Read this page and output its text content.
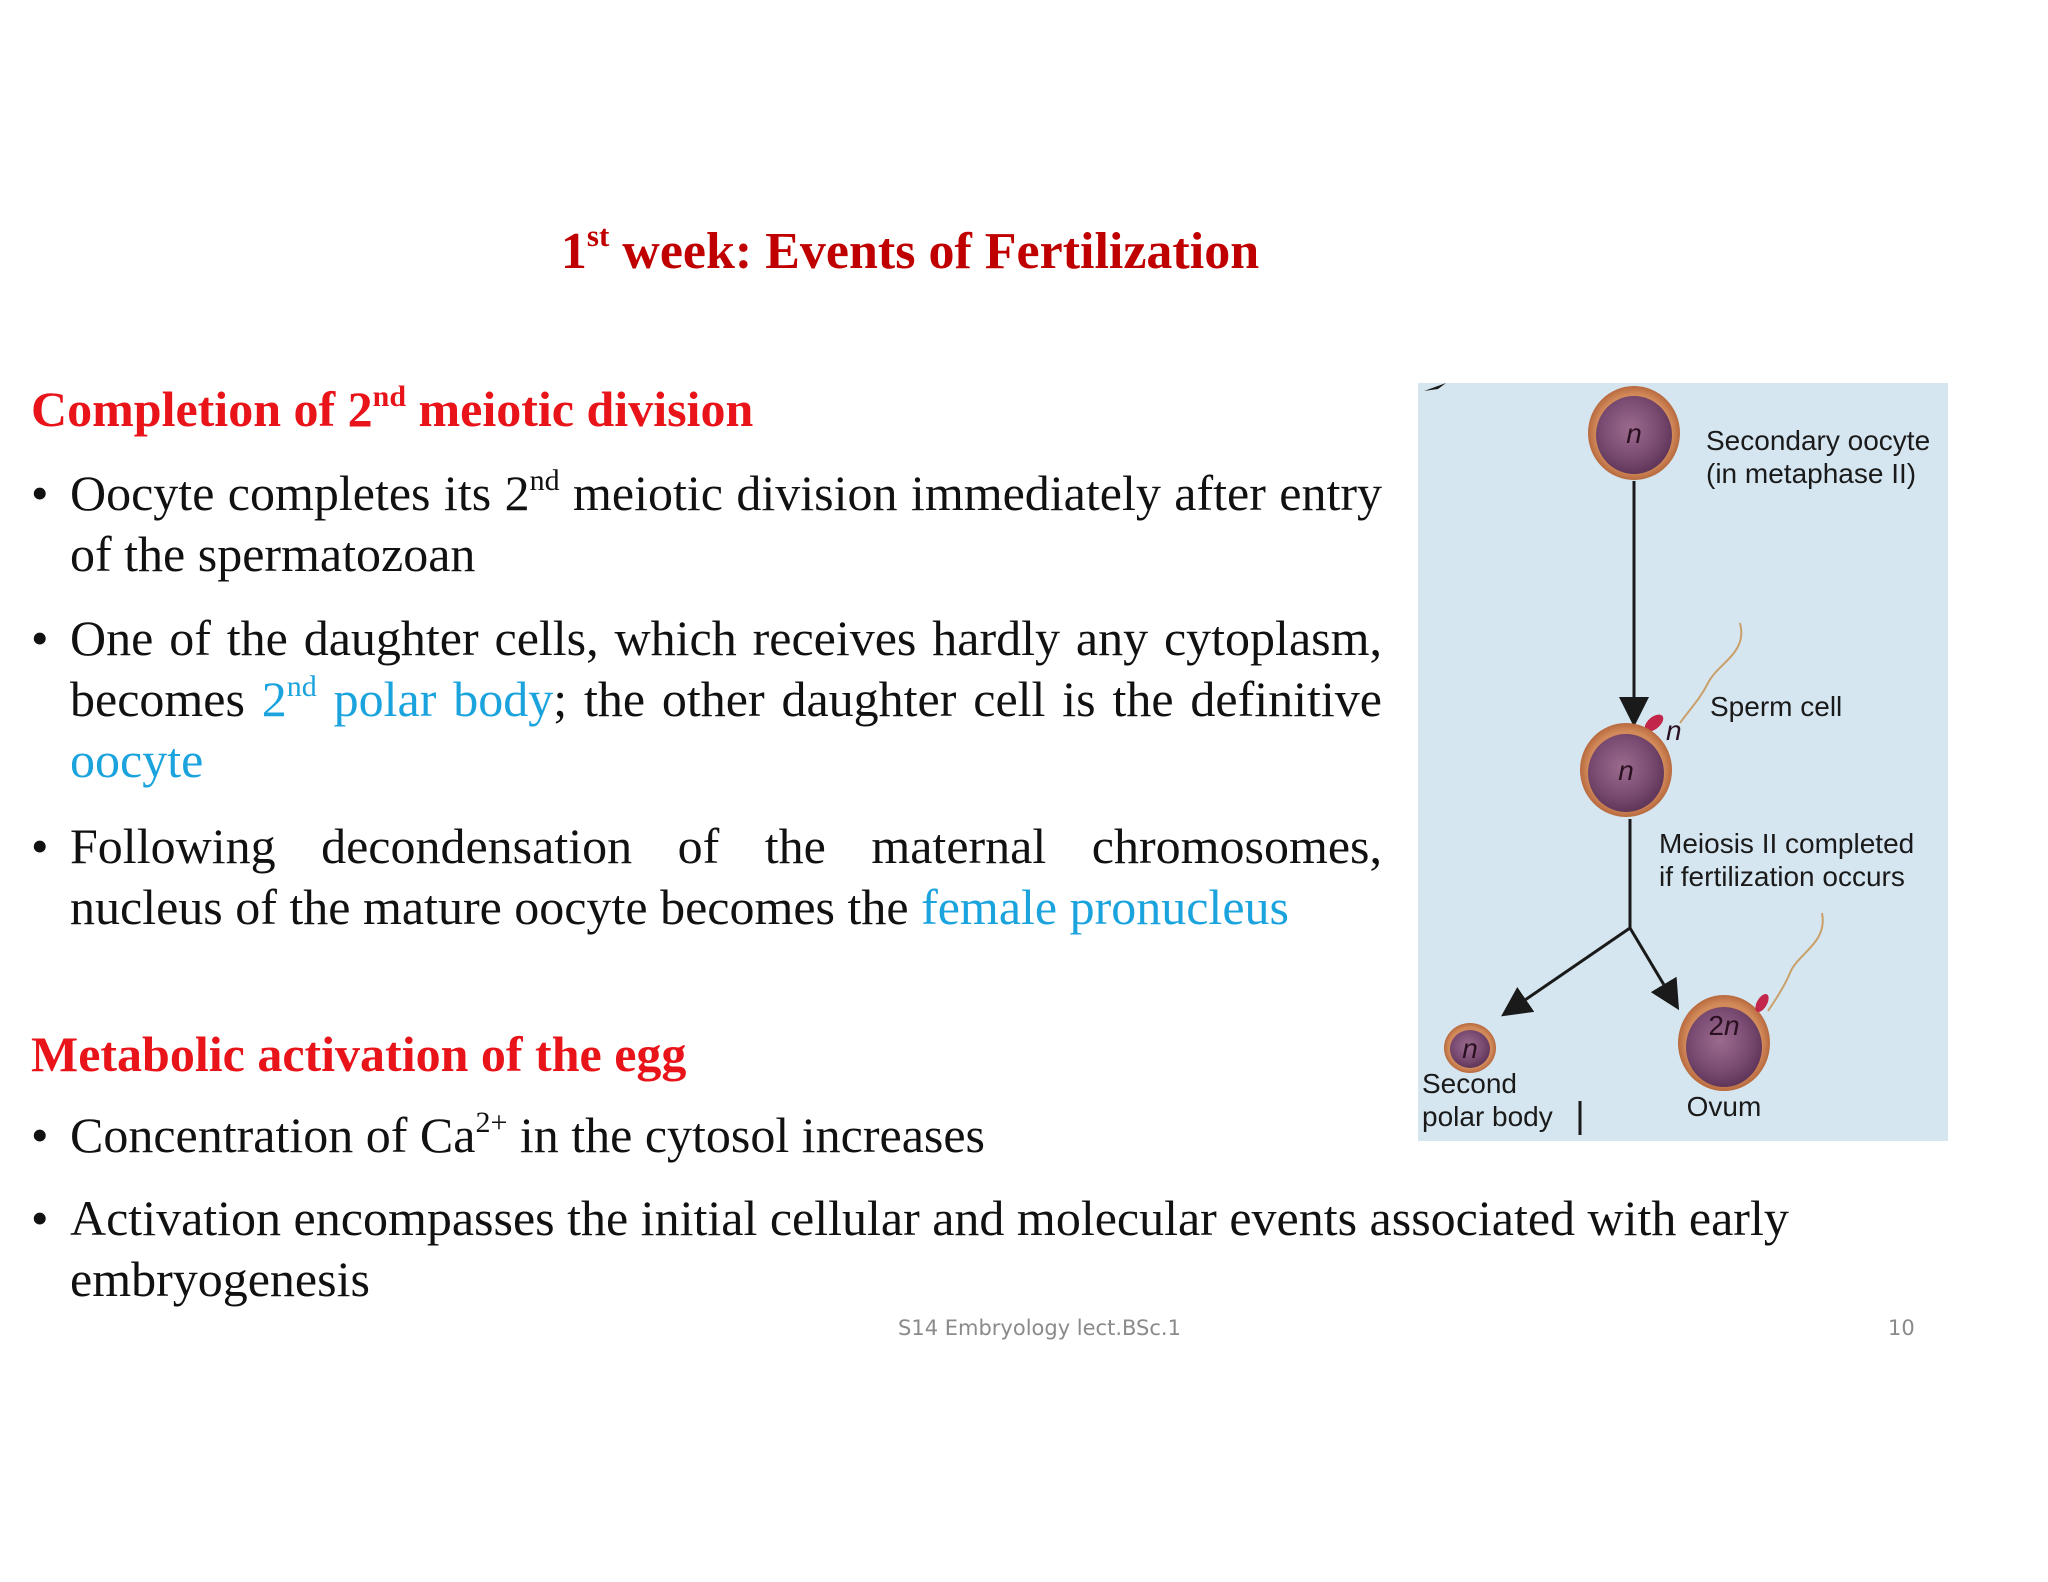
1st week: Events of Fertilization
Completion of 2nd meiotic division

• Oocyte completes its 2nd meiotic division immediately after entry of the spermatozoan

• One of the daughter cells, which receives hardly any cytoplasm, becomes 2nd polar body; the other daughter cell is the definitive oocyte

• Following decondensation of the maternal chromosomes, nucleus of the mature oocyte becomes the female pronucleus

Metabolic activation of the egg

• Concentration of $Ca^{2+}$ in the cytosol increases

• Activation encompasses the initial cellular and molecular events associated with early embryogenesis

S14 Embryology lect.BSc.1	10
n Secondary oocyte
(in metaphase II)
n
Sperm cell
n
Meiosis II completed
if fertilization occurs
n
Second
polar body
2n
Ovum
